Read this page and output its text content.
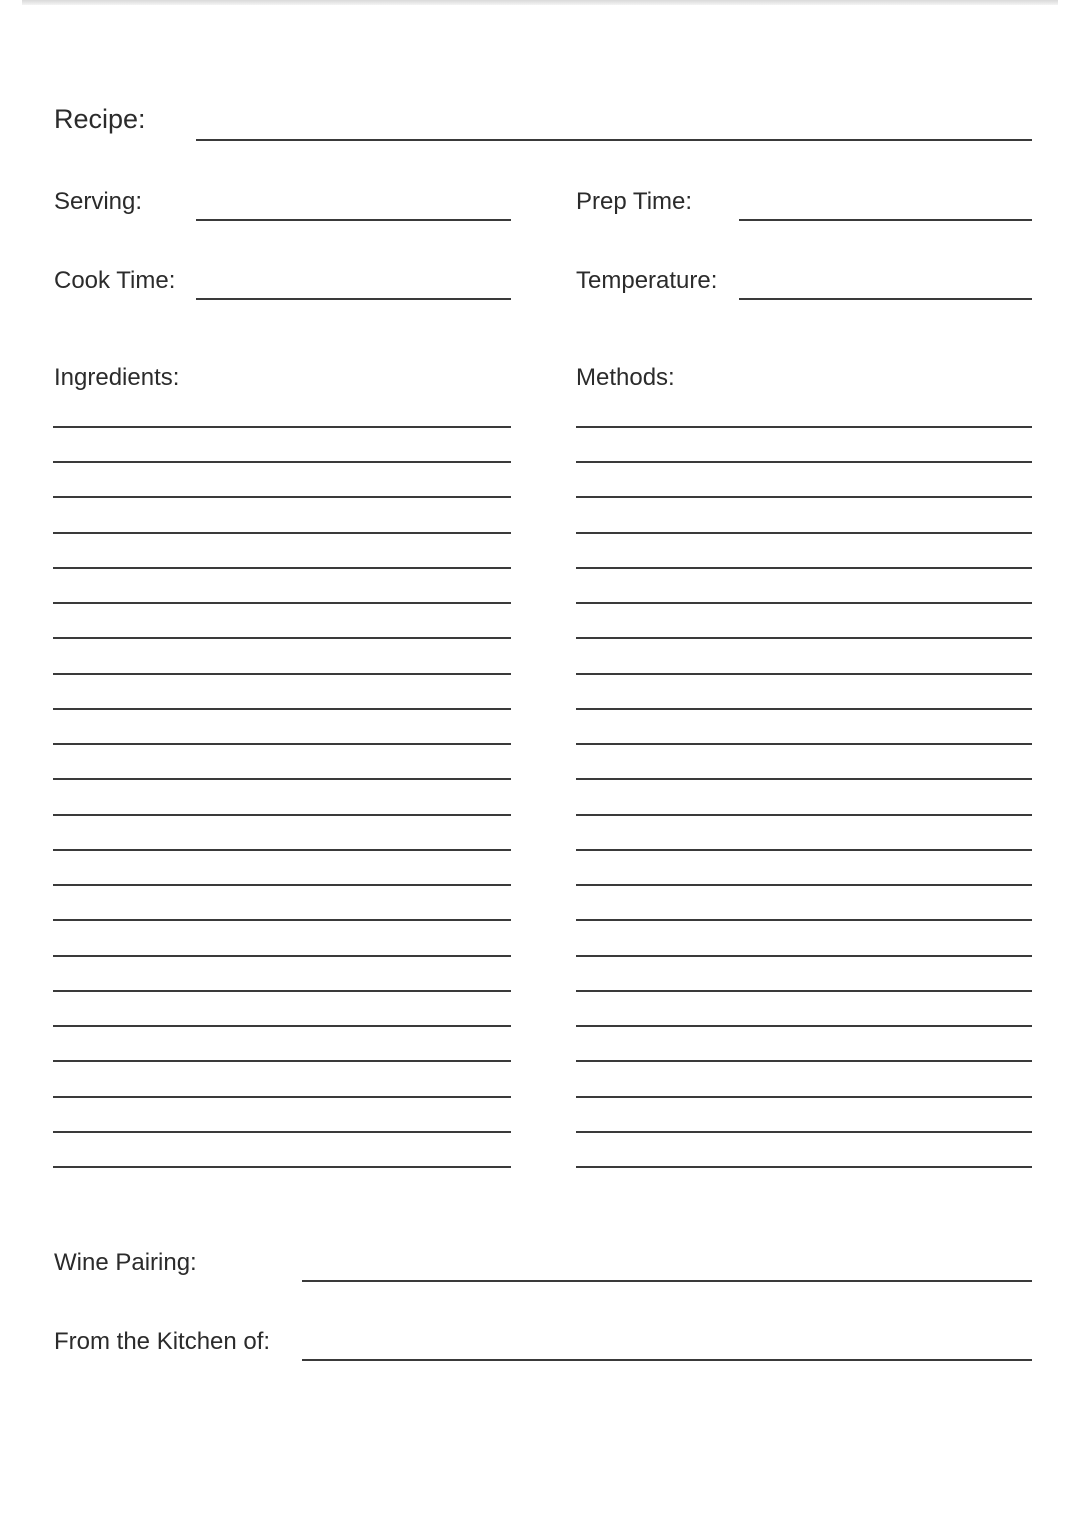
Recipe:
Serving:	Prep Time:
Cook Time:	Temperature:
Ingredients:	Methods:
Wine Pairing:
From the Kitchen of:
